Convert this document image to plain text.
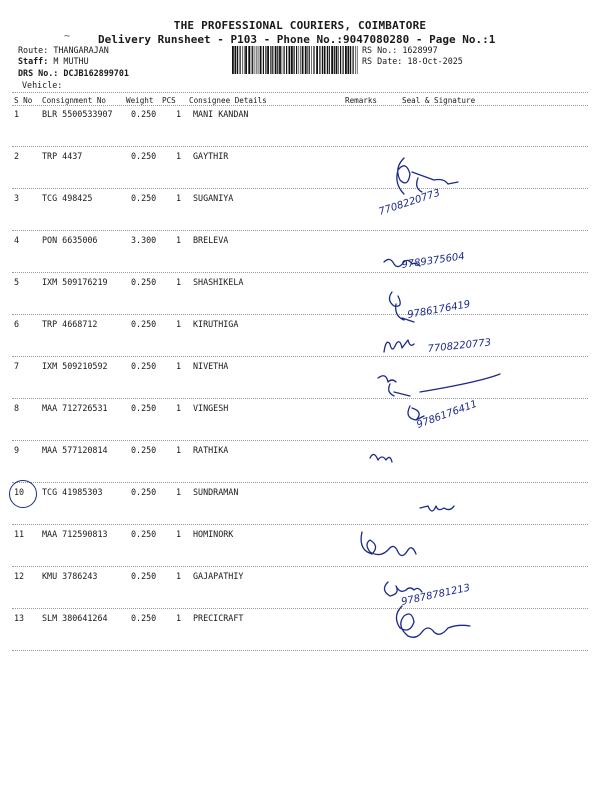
THE PROFESSIONAL COURIERS, COIMBATORE
~	Delivery Runsheet - P103 - Phone No.:9047080280 - Page No.:1
Route: THANGARAJAN
Staff: M MUTHU
DRS No.: DCJB162899701
Vehicle:
RS No.: 1628997
RS Date: 18-Oct-2025
S No Consignment No	Weight PCS Consignee Details	Remarks	Seal & Signature
1	BLR 5500533907 0.250 1 MANI KANDAN
2	TRP 4437	0.250 1 GAYTHIR
3	TCG 498425	0.250 1 SUGANIYA
4	PON 6635006	3.300 1 BRELEVA
5	IXM 509176219	0.250 1 SHASHIKELA
6	TRP 4668712	0.250 1 KIRUTHIGA
7	IXM 509210592	0.250 1 NIVETHA
8	MAA 712726531	0.250 1 VINGESH
9	MAA 577120814	0.250 1 RATHIKA
10 TCG 41985303	0.250 1 SUNDRAMAN
11 MAA 712590813	0.250 1 HOMINORK
12 KMU 3786243	0.250 1 GAJAPATHIY
13 SLM 380641264	0.250 1 PRECICRAFT
7708220773
9789375604
7708220773
9786176419
9786176411
97878781213
